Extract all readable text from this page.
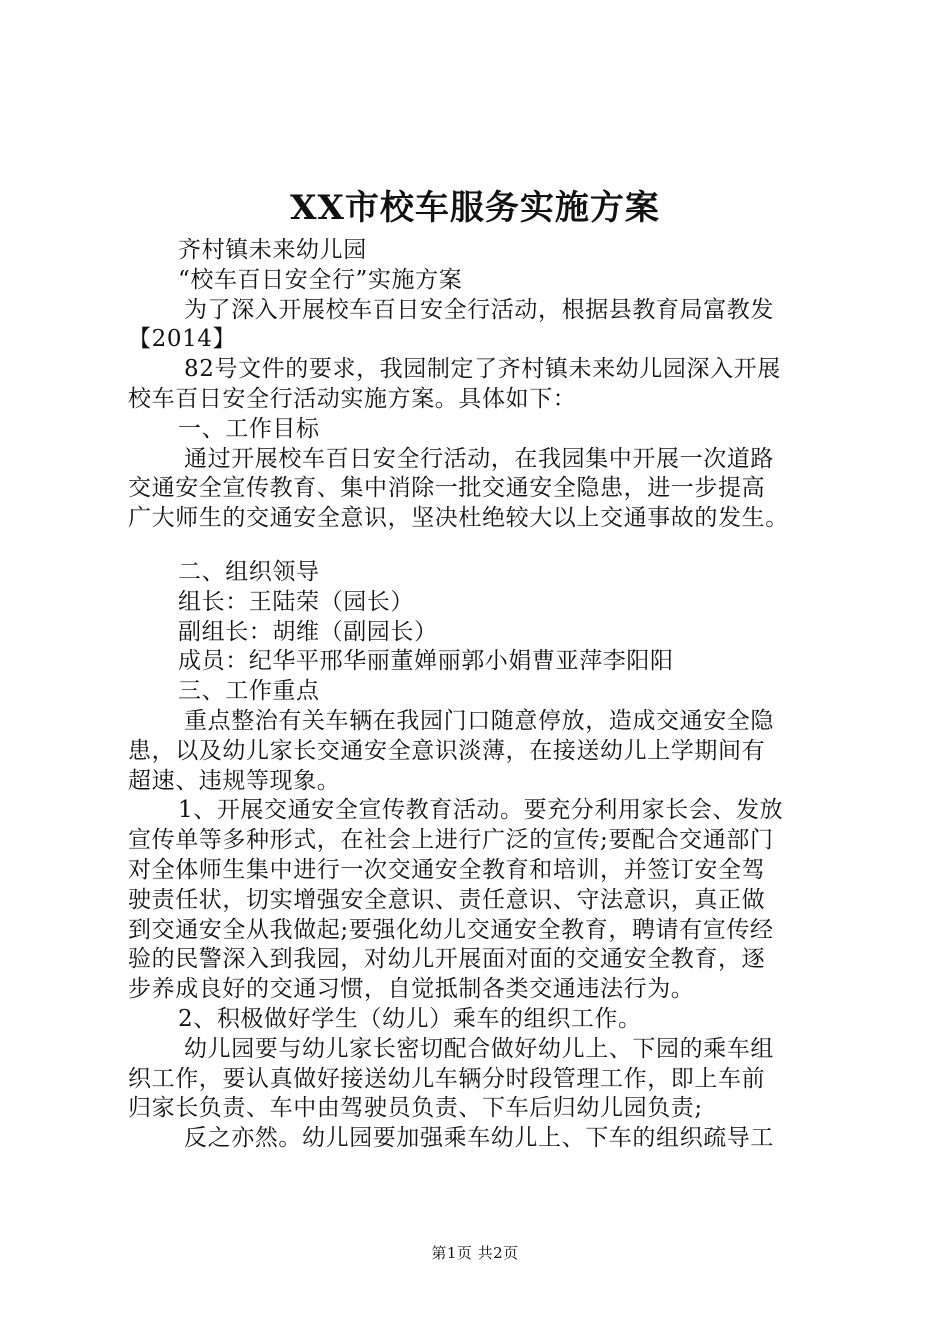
XX市校车服务实施方案
齐村镇未来幼儿园
“校车百日安全行”实施方案
为了深入开展校车百日安全行活动，根据县教育局富教发
【2014】
82号文件的要求，我园制定了齐村镇未来幼儿园深入开展
校车百日安全行活动实施方案。具体如下：
一、工作目标
通过开展校车百日安全行活动，在我园集中开展一次道路
交通安全宣传教育、集中消除一批交通安全隐患，进一步提高
广大师生的交通安全意识，坚决杜绝较大以上交通事故的发生。
二、组织领导
组长：王陆荣（园长）
副组长：胡维（副园长）
成员：纪华平邢华丽董婵丽郭小娟曹亚萍李阳阳
三、工作重点
重点整治有关车辆在我园门口随意停放，造成交通安全隐
患，以及幼儿家长交通安全意识淡薄，在接送幼儿上学期间有
超速、违规等现象。
1、开展交通安全宣传教育活动。要充分利用家长会、发放
宣传单等多种形式，在社会上进行广泛的宣传;要配合交通部门
对全体师生集中进行一次交通安全教育和培训，并签订安全驾
驶责任状，切实增强安全意识、责任意识、守法意识，真正做
到交通安全从我做起;要强化幼儿交通安全教育，聘请有宣传经
验的民警深入到我园，对幼儿开展面对面的交通安全教育，逐
步养成良好的交通习惯，自觉抵制各类交通违法行为。
2、积极做好学生（幼儿）乘车的组织工作。
幼儿园要与幼儿家长密切配合做好幼儿上、下园的乘车组
织工作，要认真做好接送幼儿车辆分时段管理工作，即上车前
归家长负责、车中由驾驶员负责、下车后归幼儿园负责;
反之亦然。幼儿园要加强乘车幼儿上、下车的组织疏导工
第1页 共2页
